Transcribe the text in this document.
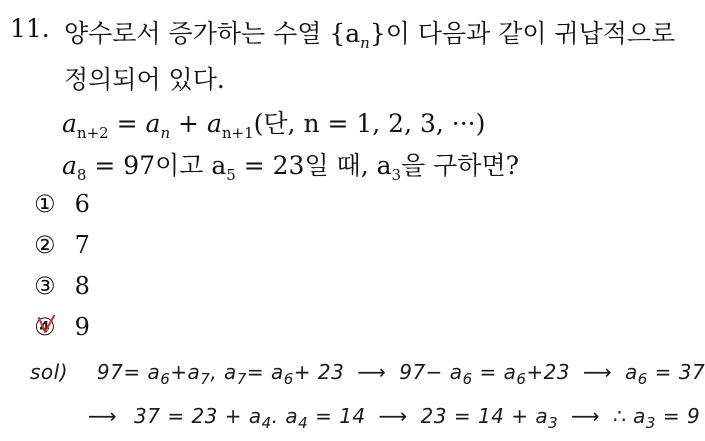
11. 양수로서 증가하는 수열 $\{a_n\}$이 다음과 같이 귀납적으로
정의되어 있다.
$a_{n+2} = a_n + a_{n+1}$(단, n = 1, 2, 3, ···)
$a_8 = 97$이고 $a_5 = 23$일 때, $a_3$을 구하면?
① 6
② 7
③ 8
④ 9
sol) $97= a_6+a_7$, $a_7= a_6+ 23$ ⟶ $97- a_6 = a_6+23$ ⟶ $a_6 = 37$
⟶ $37 = 23 + a_4$. $a_4 = 14$ ⟶ $23 = 14 + a_3$ ⟶ ∴ $a_3 = 9$
